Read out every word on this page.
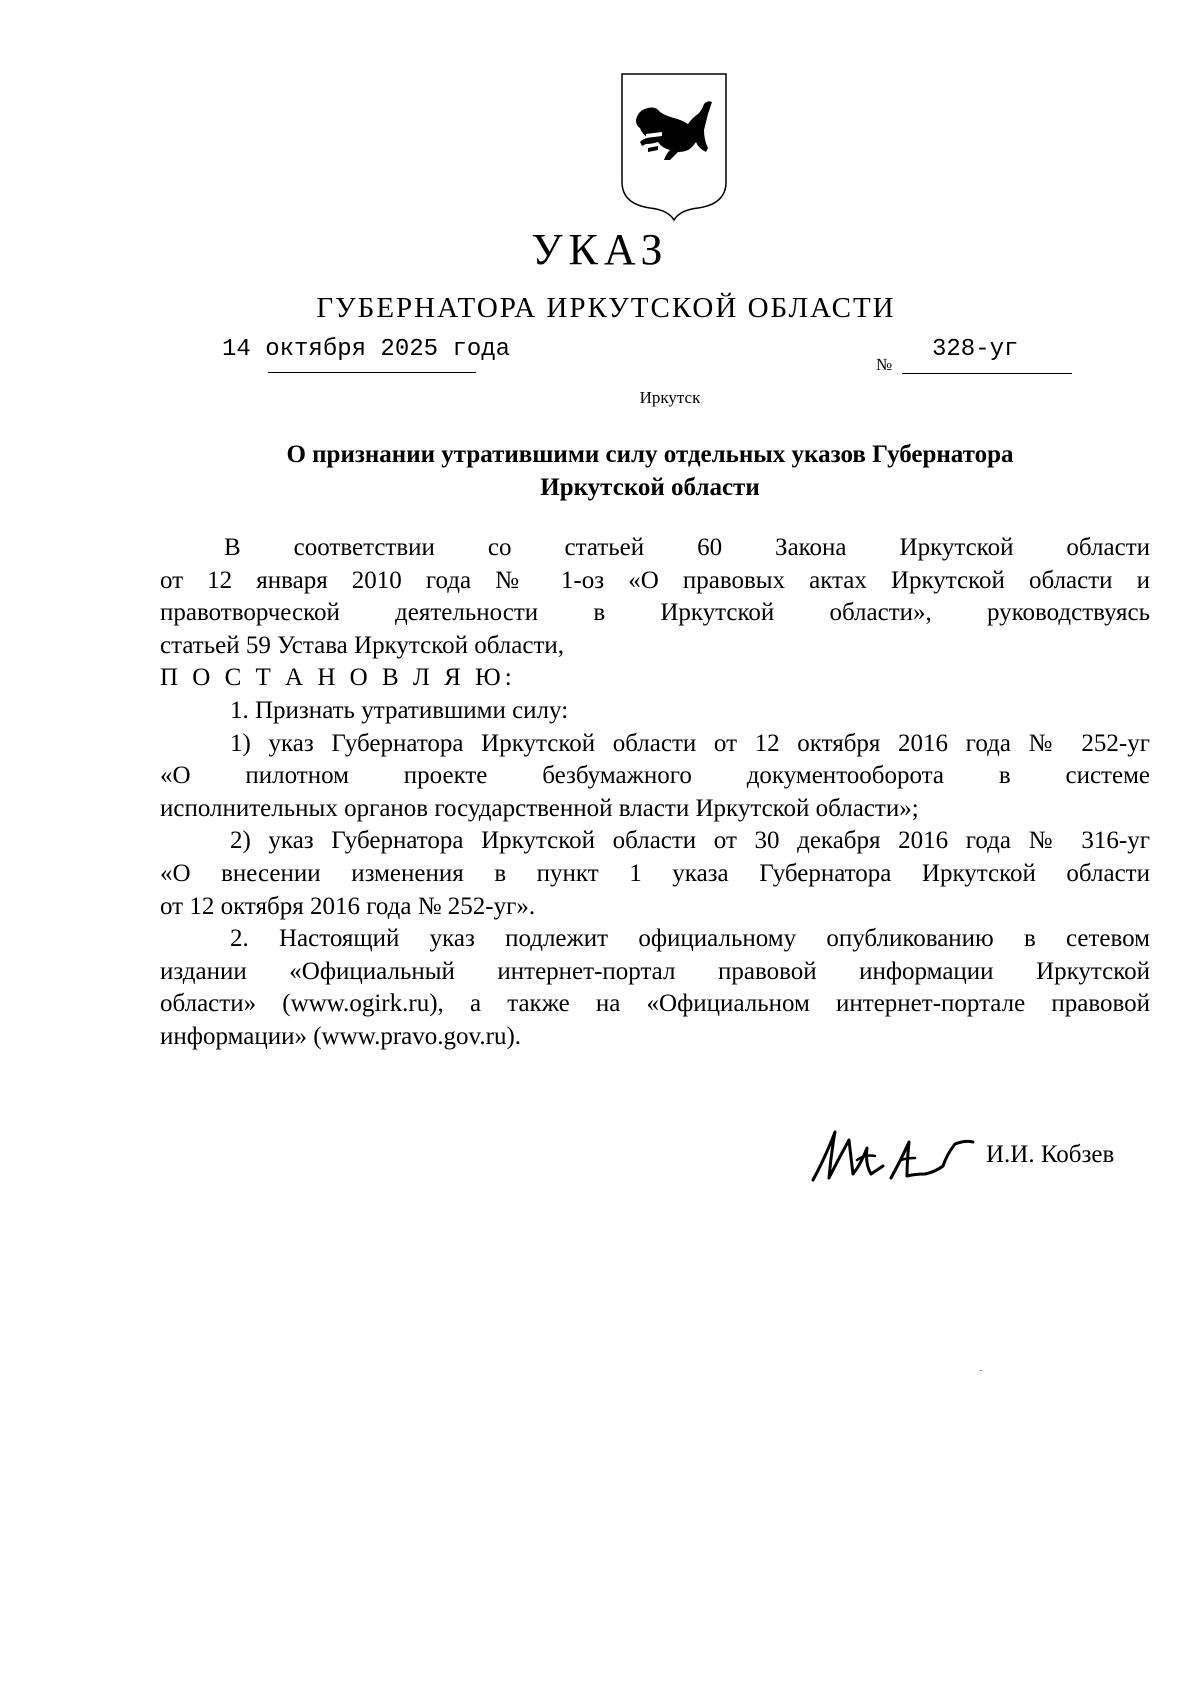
УКАЗ
ГУБЕРНАТОРА ИРКУТСКОЙ ОБЛАСТИ
14 октября 2025 года
№
328-уг
Иркутск
О признании утратившими силу отдельных указов Губернатора
Иркутской области

В соответствии со статьей 60 Закона Иркутской области

от 12 января 2010 года № 1-оз «О правовых актах Иркутской области и

правотворческой деятельности в Иркутской области», руководствуясь

статьей 59 Устава Иркутской области,

П О С Т А Н О В Л Я Ю:

1. Признать утратившими силу:

1) указ Губернатора Иркутской области от 12 октября 2016 года № 252-уг

«О пилотном проекте безбумажного документооборота в системе

исполнительных органов государственной власти Иркутской области»;

2) указ Губернатора Иркутской области от 30 декабря 2016 года № 316-уг

«О внесении изменения в пункт 1 указа Губернатора Иркутской области

от 12 октября 2016 года № 252-уг».

2. Настоящий указ подлежит официальному опубликованию в сетевом

издании «Официальный интернет-портал правовой информации Иркутской

области» (www.ogirk.ru), а также на «Официальном интернет-портале правовой

информации» (www.pravo.gov.ru).

И.И. Кобзев
